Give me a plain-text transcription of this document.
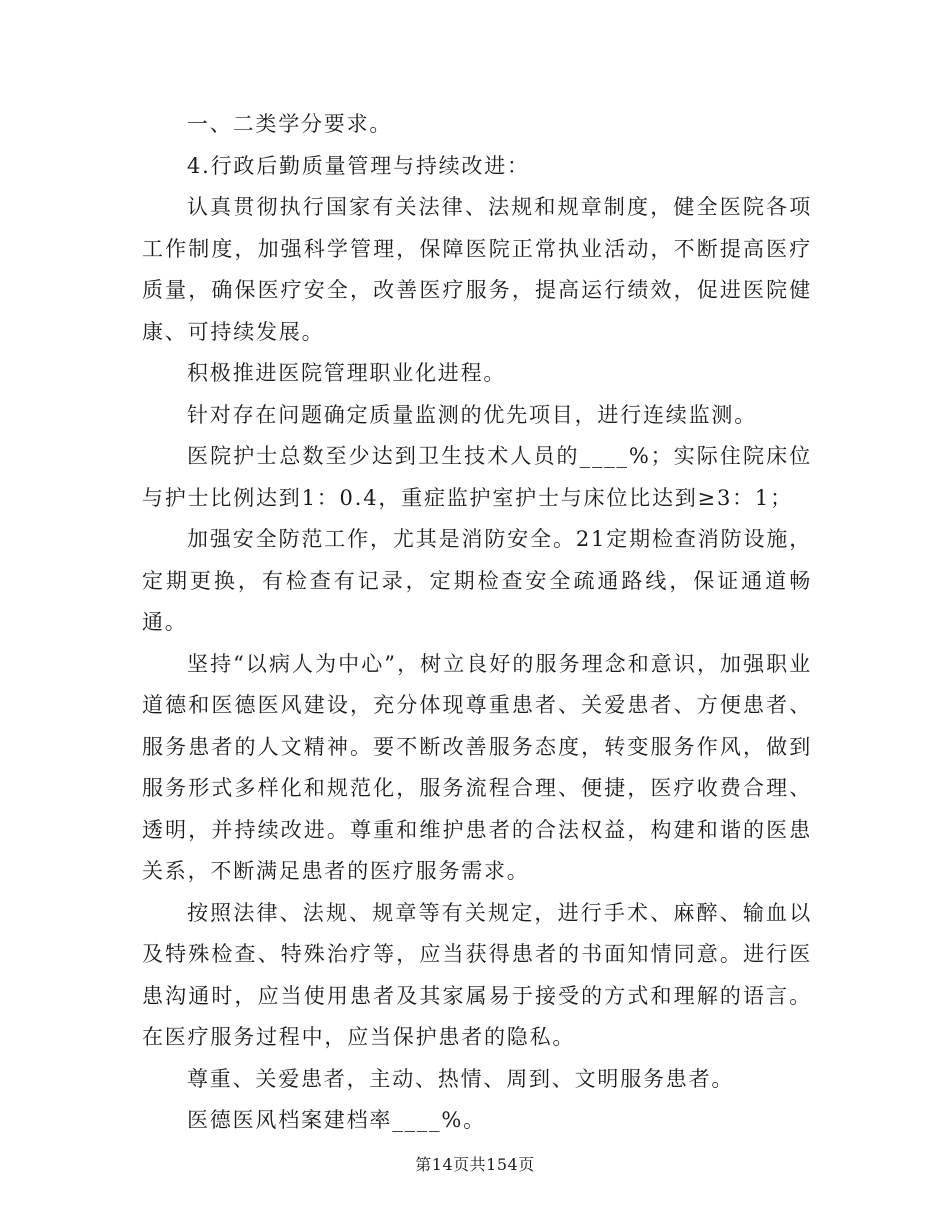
一、二类学分要求。

4.行政后勤质量管理与持续改进：

认真贯彻执行国家有关法律、法规和规章制度，健全医院各项工作制度，加强科学管理，保障医院正常执业活动，不断提高医疗质量，确保医疗安全，改善医疗服务，提高运行绩效，促进医院健康、可持续发展。

积极推进医院管理职业化进程。

针对存在问题确定质量监测的优先项目，进行连续监测。

医院护士总数至少达到卫生技术人员的____%；实际住院床位与护士比例达到1：0.4，重症监护室护士与床位比达到≥3：1；

加强安全防范工作，尤其是消防安全。21定期检查消防设施，定期更换，有检查有记录，定期检查安全疏通路线，保证通道畅通。

坚持“以病人为中心”，树立良好的服务理念和意识，加强职业道德和医德医风建设，充分体现尊重患者、关爱患者、方便患者、服务患者的人文精神。要不断改善服务态度，转变服务作风，做到服务形式多样化和规范化，服务流程合理、便捷，医疗收费合理、透明，并持续改进。尊重和维护患者的合法权益，构建和谐的医患关系，不断满足患者的医疗服务需求。

按照法律、法规、规章等有关规定，进行手术、麻醉、输血以及特殊检查、特殊治疗等，应当获得患者的书面知情同意。进行医患沟通时，应当使用患者及其家属易于接受的方式和理解的语言。在医疗服务过程中，应当保护患者的隐私。

尊重、关爱患者，主动、热情、周到、文明服务患者。

医德医风档案建档率____%。

第14页共154页
